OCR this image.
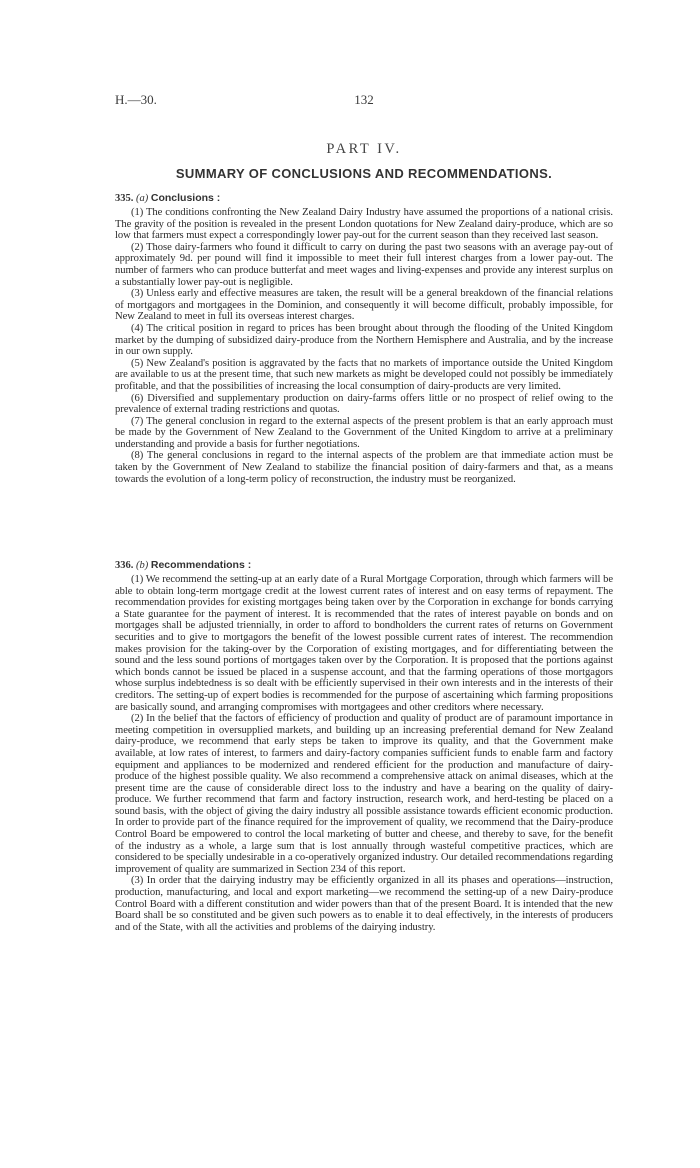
H.—30.	132
PART IV.
SUMMARY OF CONCLUSIONS AND RECOMMENDATIONS.

335. (a) Conclusions :

(1) The conditions confronting the New Zealand Dairy Industry have assumed the proportions of a national crisis. The gravity of the position is revealed in the present London quotations for New Zealand dairy-produce, which are so low that farmers must expect a correspondingly lower pay-out for the current season than they received last season.

(2) Those dairy-farmers who found it difficult to carry on during the past two seasons with an average pay-out of approximately 9d. per pound will find it impossible to meet their full interest charges from a lower pay-out. The number of farmers who can produce butterfat and meet wages and living-expenses and provide any interest surplus on a substantially lower pay-out is negligible.

(3) Unless early and effective measures are taken, the result will be a general breakdown of the financial relations of mortgagors and mortgagees in the Dominion, and consequently it will become difficult, probably impossible, for New Zealand to meet in full its overseas interest charges.

(4) The critical position in regard to prices has been brought about through the flooding of the United Kingdom market by the dumping of subsidized dairy-produce from the Northern Hemisphere and Australia, and by the increase in our own supply.

(5) New Zealand's position is aggravated by the facts that no markets of importance outside the United Kingdom are available to us at the present time, that such new markets as might be developed could not possibly be immediately profitable, and that the possibilities of increasing the local consumption of dairy-products are very limited.

(6) Diversified and supplementary production on dairy-farms offers little or no prospect of relief owing to the prevalence of external trading restrictions and quotas.

(7) The general conclusion in regard to the external aspects of the present problem is that an early approach must be made by the Government of New Zealand to the Government of the United Kingdom to arrive at a preliminary understanding and provide a basis for further negotiations.

(8) The general conclusions in regard to the internal aspects of the problem are that immediate action must be taken by the Government of New Zealand to stabilize the financial position of dairy-farmers and that, as a means towards the evolution of a long-term policy of reconstruction, the industry must be reorganized.

336. (b) Recommendations :

(1) We recommend the setting-up at an early date of a Rural Mortgage Corporation, through which farmers will be able to obtain long-term mortgage credit at the lowest current rates of interest and on easy terms of repayment. The recommendation provides for existing mortgages being taken over by the Corporation in exchange for bonds carrying a State guarantee for the payment of interest. It is recommended that the rates of interest payable on bonds and on mortgages shall be adjusted triennially, in order to afford to bondholders the current rates of returns on Government securities and to give to mortgagors the benefit of the lowest possible current rates of interest. The recommendion makes provision for the taking-over by the Corporation of existing mortgages, and for differentiating between the sound and the less sound portions of mortgages taken over by the Corporation. It is proposed that the portions against which bonds cannot be issued be placed in a suspense account, and that the farming operations of those mortgagors whose surplus indebtedness is so dealt with be efficiently supervised in their own interests and in the interests of their creditors. The setting-up of expert bodies is recommended for the purpose of ascertaining which farming propositions are basically sound, and arranging compromises with mortgagees and other creditors where necessary.

(2) In the belief that the factors of efficiency of production and quality of product are of paramount importance in meeting competition in oversupplied markets, and building up an increasing preferential demand for New Zealand dairy-produce, we recommend that early steps be taken to improve its quality, and that the Government make available, at low rates of interest, to farmers and dairy-factory companies sufficient funds to enable farm and factory equipment and appliances to be modernized and rendered efficient for the production and manufacture of dairy-produce of the highest possible quality. We also recommend a comprehensive attack on animal diseases, which at the present time are the cause of considerable direct loss to the industry and have a bearing on the quality of dairy-produce. We further recommend that farm and factory instruction, research work, and herd-testing be placed on a sound basis, with the object of giving the dairy industry all possible assistance towards efficient economic production. In order to provide part of the finance required for the improvement of quality, we recommend that the Dairy-produce Control Board be empowered to control the local marketing of butter and cheese, and thereby to save, for the benefit of the industry as a whole, a large sum that is lost annually through wasteful competitive practices, which are considered to be specially undesirable in a co-operatively organized industry. Our detailed recommendations regarding improvement of quality are summarized in Section 234 of this report.

(3) In order that the dairying industry may be efficiently organized in all its phases and operations—instruction, production, manufacturing, and local and export marketing—we recommend the setting-up of a new Dairy-produce Control Board with a different constitution and wider powers than that of the present Board. It is intended that the new Board shall be so constituted and be given such powers as to enable it to deal effectively, in the interests of producers and of the State, with all the activities and problems of the dairying industry.
